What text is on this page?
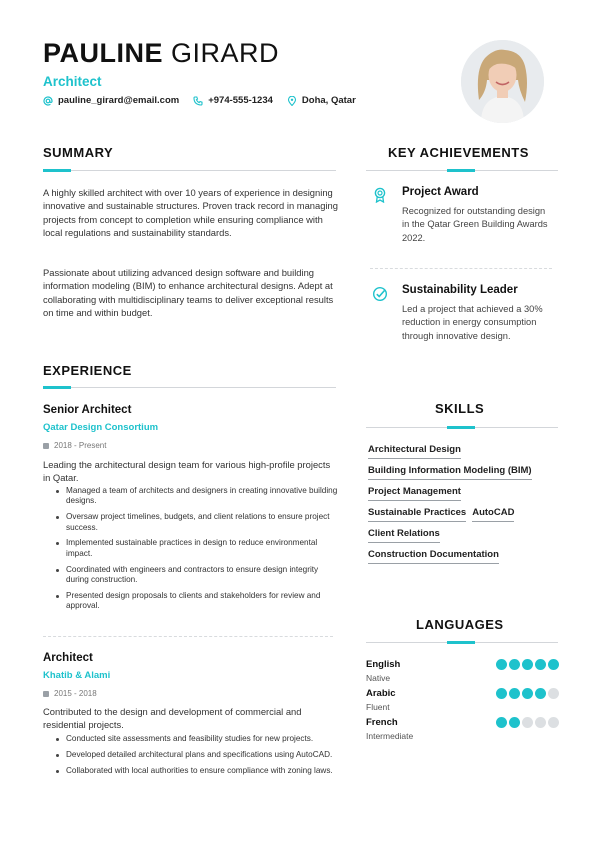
PAULINE GIRARD
Architect
pauline_girard@email.com	+974-555-1234	Doha, Qatar
SUMMARY

A highly skilled architect with over 10 years of experience in designing innovative and sustainable structures. Proven track record in managing projects from concept to completion while ensuring compliance with local regulations and sustainability standards.

Passionate about utilizing advanced design software and building information modeling (BIM) to enhance architectural designs. Adept at collaborating with multidisciplinary teams to deliver exceptional results on time and within budget.

EXPERIENCE
Senior Architect
Qatar Design Consortium
2018 - Present

Leading the architectural design team for various high-profile projects in Qatar.

Managed a team of architects and designers in creating innovative building designs.
Oversaw project timelines, budgets, and client relations to ensure project success.
Implemented sustainable practices in design to reduce environmental impact.
Coordinated with engineers and contractors to ensure design integrity during construction.
Presented design proposals to clients and stakeholders for review and approval.
Architect
Khatib & Alami
2015 - 2018

Contributed to the design and development of commercial and residential projects.

Conducted site assessments and feasibility studies for new projects.
Developed detailed architectural plans and specifications using AutoCAD.
Collaborated with local authorities to ensure compliance with zoning laws.
KEY ACHIEVEMENTS
Project Award

Recognized for outstanding design in the Qatar Green Building Awards 2022.

Sustainability Leader

Led a project that achieved a 30% reduction in energy consumption through innovative design.

SKILLS
Architectural Design
Building Information Modeling (BIM)
Project Management
Sustainable Practices AutoCAD
Client Relations
Construction Documentation
LANGUAGES
English
Native
Arabic
Fluent
French
Intermediate
